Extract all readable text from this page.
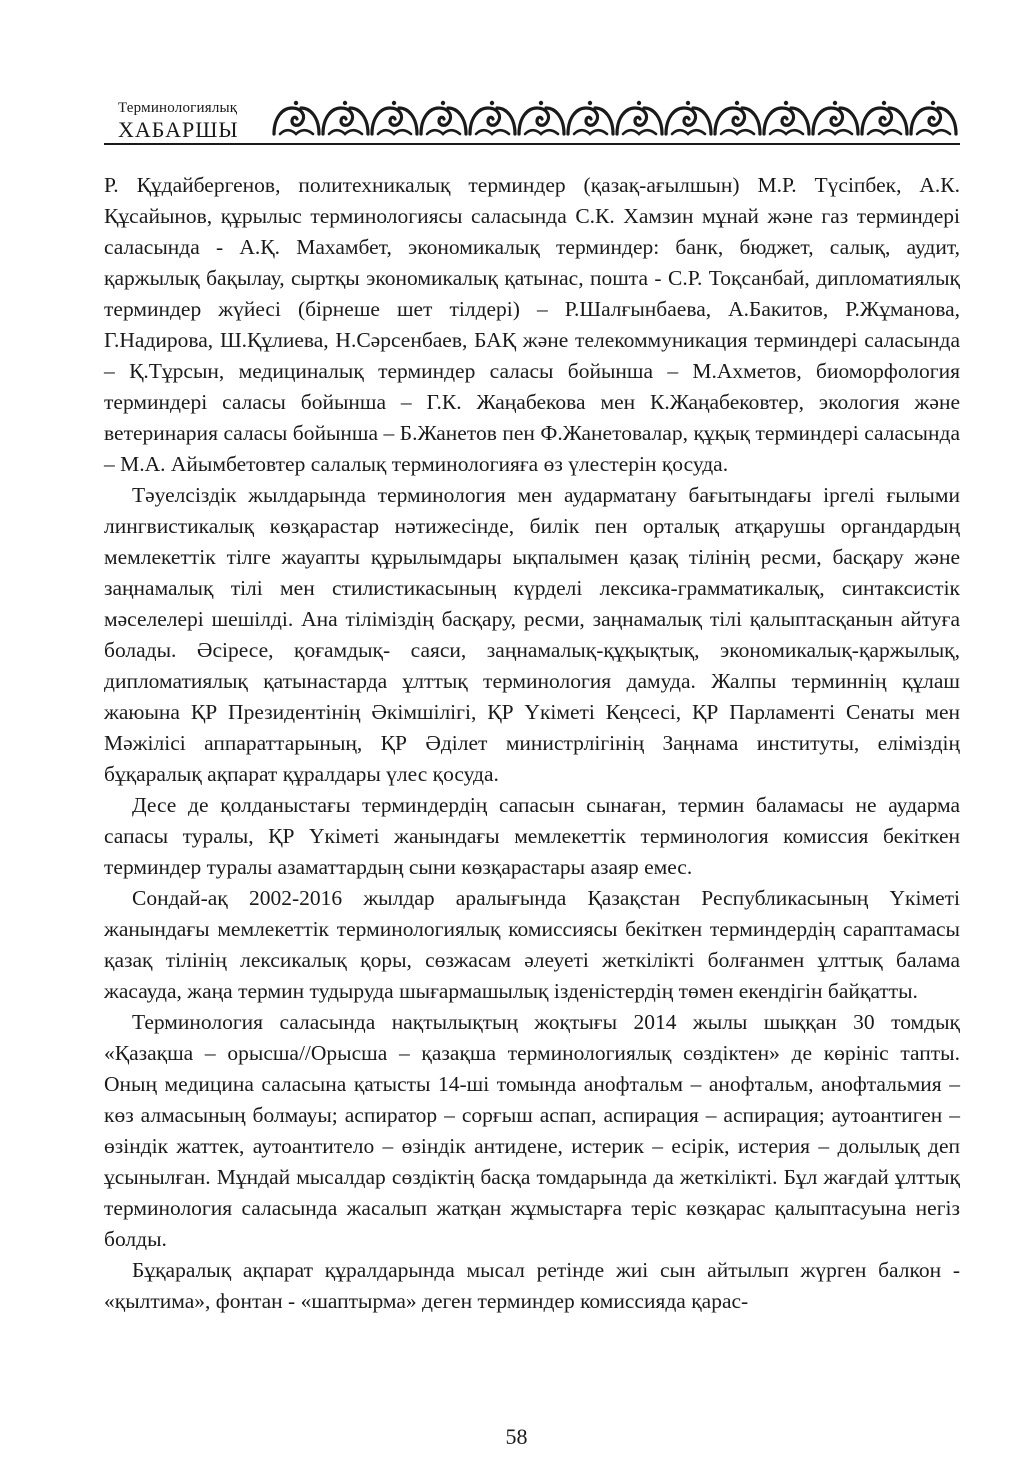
Терминологиялық
ХАБАРШЫ

Р. Құдайбергенов, политехникалық терминдер (қазақ-ағылшын) М.Р. Түсіпбек, А.К. Құсайынов, құрылыс терминологиясы саласында С.К. Хамзин мұнай және газ терминдері саласында - А.Қ. Махамбет, экономикалық терминдер: банк, бюджет, салық, аудит, қаржылық бақылау, сыртқы экономикалық қатынас, пошта - С.Р. Тоқсанбай, дипломатиялық терминдер жүйесі (бірнеше шет тілдері) – Р.Шалғынбаева, А.Бакитов, Р.Жұманова, Г.Надирова, Ш.Құлиева, Н.Сәрсенбаев, БАҚ және телекоммуникация терминдері саласында – Қ.Тұрсын, медициналық терминдер саласы бойынша – М.Ахметов, биоморфология терминдері саласы бойынша – Г.К. Жаңабекова мен К.Жаңабековтер, экология және ветеринария саласы бойынша – Б.Жанетов пен Ф.Жанетовалар, құқық терминдері саласында – М.А. Айымбетовтер салалық терминологияға өз үлестерін қосуда.

Тәуелсіздік жылдарында терминология мен аударматану бағытындағы іргелі ғылыми лингвистикалық көзқарастар нәтижесінде, билік пен орталық атқарушы органдардың мемлекеттік тілге жауапты құрылымдары ықпалымен қазақ тілінің ресми, басқару және заңнамалық тілі мен стилистикасының күрделі лексика-грамматикалық, синтаксистік мәселелері шешілді. Ана тіліміздің басқару, ресми, заңнамалық тілі қалыптасқанын айтуға болады. Әсіресе, қоғамдық- саяси, заңнамалық-құқықтық, экономикалық-қаржылық, дипломатиялық қатынастарда ұлттық терминология дамуда. Жалпы терминнің құлаш жаюына ҚР Президентінің Әкімшілігі, ҚР Үкіметі Кеңсесі, ҚР Парламенті Сенаты мен Мәжілісі аппараттарының, ҚР Әділет министрлігінің Заңнама институты, еліміздің бұқаралық ақпарат құралдары үлес қосуда.

Десе де қолданыстағы терминдердің сапасын сынаған, термин баламасы не аударма сапасы туралы, ҚР Үкіметі жанындағы мемлекеттік терминология комиссия бекіткен терминдер туралы азаматтардың сыни көзқарастары азаяр емес.

Сондай-ақ 2002-2016 жылдар аралығында Қазақстан Республикасының Үкіметі жанындағы мемлекеттік терминологиялық комиссиясы бекіткен терминдердің сараптамасы қазақ тілінің лексикалық қоры, сөзжасам әлеуеті жеткілікті болғанмен ұлттық балама жасауда, жаңа термин тудыруда шығармашылық ізденістердің төмен екендігін байқатты.

Терминология саласында нақтылықтың жоқтығы 2014 жылы шыққан 30 томдық «Қазақша – орысша//Орысша – қазақша терминологиялық сөздіктен» де көрініс тапты. Оның медицина саласына қатысты 14-ші томында анофтальм – анофтальм, анофтальмия – көз алмасының болмауы; аспиратор – сорғыш аспап, аспирация – аспирация; аутоантиген – өзіндік жаттек, аутоантитело – өзіндік антидене, истерик – есірік, истерия – долылық деп ұсынылған. Мұндай мысалдар сөздіктің басқа томдарында да жеткілікті. Бұл жағдай ұлттық терминология саласында жасалып жатқан жұмыстарға теріс көзқарас қалыптасуына негіз болды.

Бұқаралық ақпарат құралдарында мысал ретінде жиі сын айтылып жүрген балкон - «қылтима», фонтан - «шаптырма» деген терминдер комиссияда қарас-

58
